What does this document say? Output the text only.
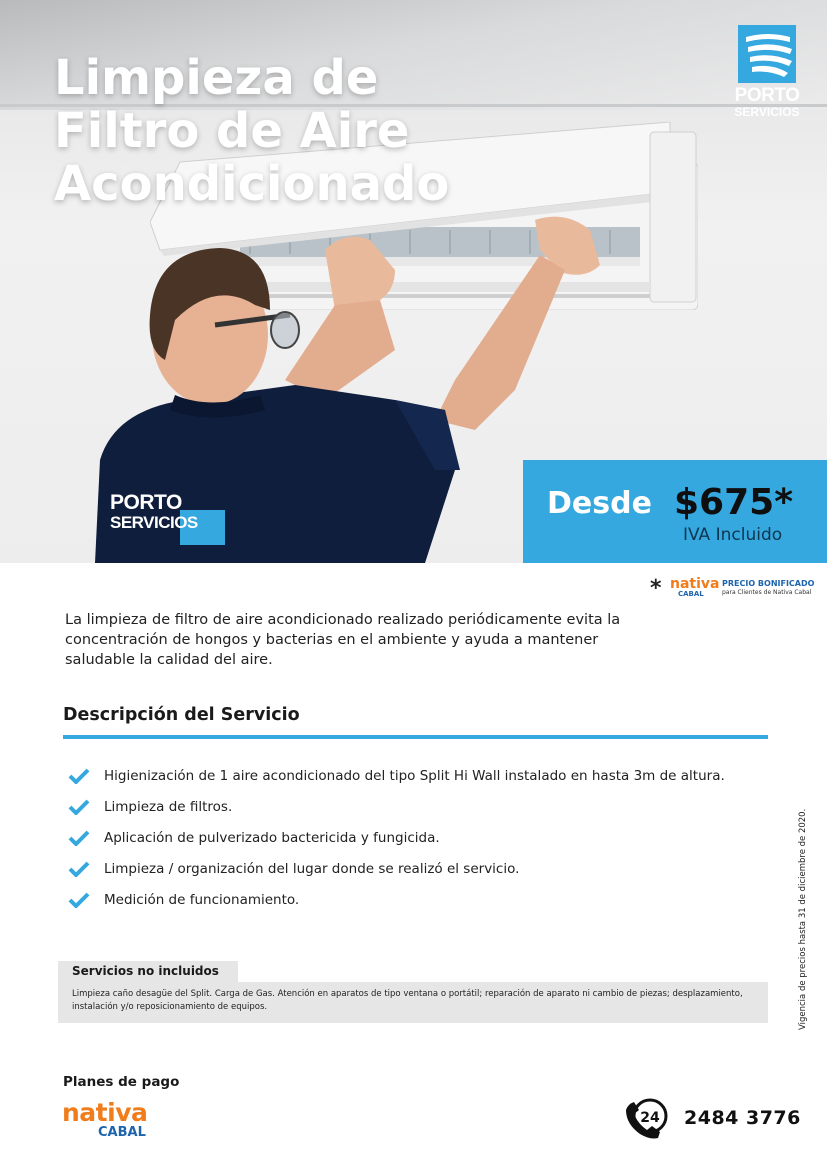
PORTO
SERVICIOS
Limpieza de
Filtro de Aire
Acondicionado
PORTO
SERVICIOS
Desde $675*
IVA Incluido
* nativa
CABAL
PRECIO BONIFICADO
para Clientes de Nativa Cabal

La limpieza de filtro de aire acondicionado realizado periódicamente evita la concentración de hongos y bacterias en el ambiente y ayuda a mantener saludable la calidad del aire.

Descripción del Servicio
Higienización de 1 aire acondicionado del tipo Split Hi Wall instalado en hasta 3m de altura.
Limpieza de filtros.
Aplicación de pulverizado bactericida y fungicida.
Limpieza / organización del lugar donde se realizó el servicio.
Medición de funcionamiento.	Vigencia de precios hasta 31 de diciembre de 2020.
Servicios no incluidos
Limpieza caño desagüe del Split. Carga de Gas. Atención en aparatos de tipo ventana o portátil; reparación de aparato ni cambio de piezas; desplazamiento, instalación y/o reposicionamiento de equipos.
Planes de pago
nativa
CABAL
24 2484 3776
